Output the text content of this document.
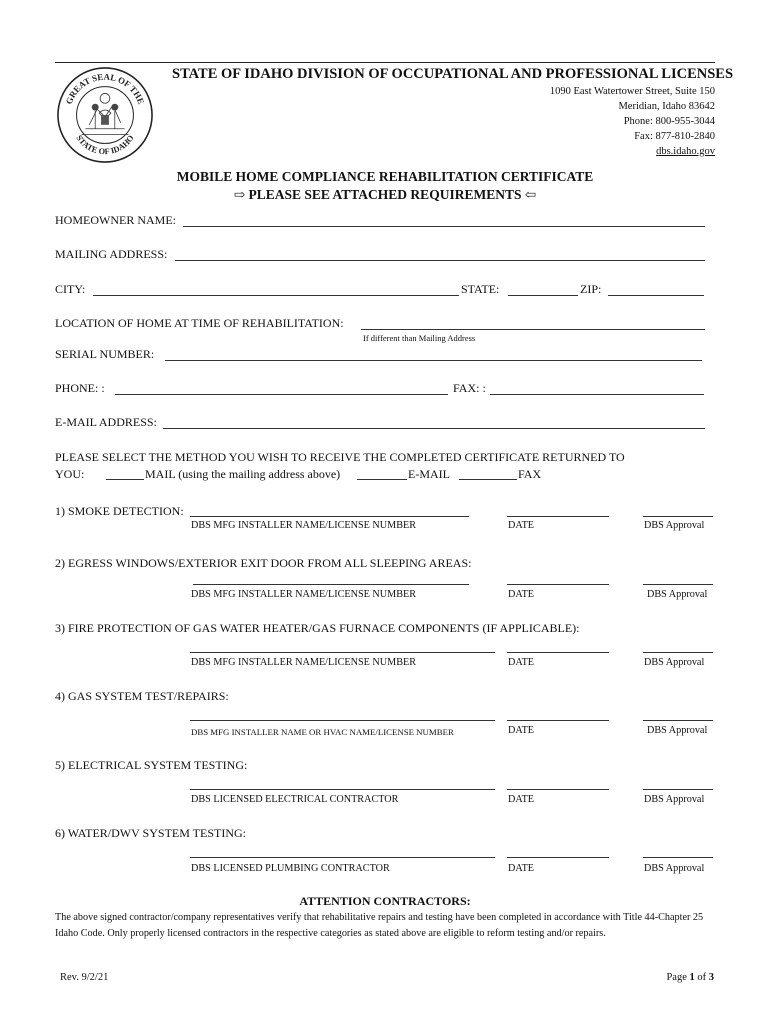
GREAT SEAL OF THE
STATE OF IDAHO
STATE OF IDAHO DIVISION OF OCCUPATIONAL AND PROFESSIONAL LICENSES
1090 East Watertower Street, Suite 150
Meridian, Idaho 83642
Phone: 800-955-3044
Fax: 877-810-2840
dbs.idaho.gov
MOBILE HOME COMPLIANCE REHABILITATION CERTIFICATE
⇨ PLEASE SEE ATTACHED REQUIREMENTS ⇦
HOMEOWNER NAME:
MAILING ADDRESS:
CITY:	STATE:	ZIP:
LOCATION OF HOME AT TIME OF REHABILITATION:
If different than Mailing Address
SERIAL NUMBER:
PHONE: :	FAX: :
E-MAIL ADDRESS:
PLEASE SELECT THE METHOD YOU WISH TO RECEIVE THE COMPLETED CERTIFICATE RETURNED TO
YOU:	MAIL (using the mailing address above)	E-MAIL	FAX
1) SMOKE DETECTION:
DBS MFG INSTALLER NAME/LICENSE NUMBER	DATE	DBS Approval
2) EGRESS WINDOWS/EXTERIOR EXIT DOOR FROM ALL SLEEPING AREAS:
DBS MFG INSTALLER NAME/LICENSE NUMBER	DATE	DBS Approval
3) FIRE PROTECTION OF GAS WATER HEATER/GAS FURNACE COMPONENTS (IF APPLICABLE):
DBS MFG INSTALLER NAME/LICENSE NUMBER	DATE	DBS Approval
4) GAS SYSTEM TEST/REPAIRS:
DBS MFG INSTALLER NAME OR HVAC NAME/LICENSE NUMBER	DATE	DBS Approval
5) ELECTRICAL SYSTEM TESTING:
DBS LICENSED ELECTRICAL CONTRACTOR	DATE	DBS Approval
6) WATER/DWV SYSTEM TESTING:
DBS LICENSED PLUMBING CONTRACTOR	DATE	DBS Approval
ATTENTION CONTRACTORS:
The above signed contractor/company representatives verify that rehabilitative repairs and testing have been completed in accordance with Title 44-Chapter 25 Idaho Code. Only properly licensed contractors in the respective categories as stated above are eligible to reform testing and/or repairs.
Rev. 9/2/21	Page 1 of 3
